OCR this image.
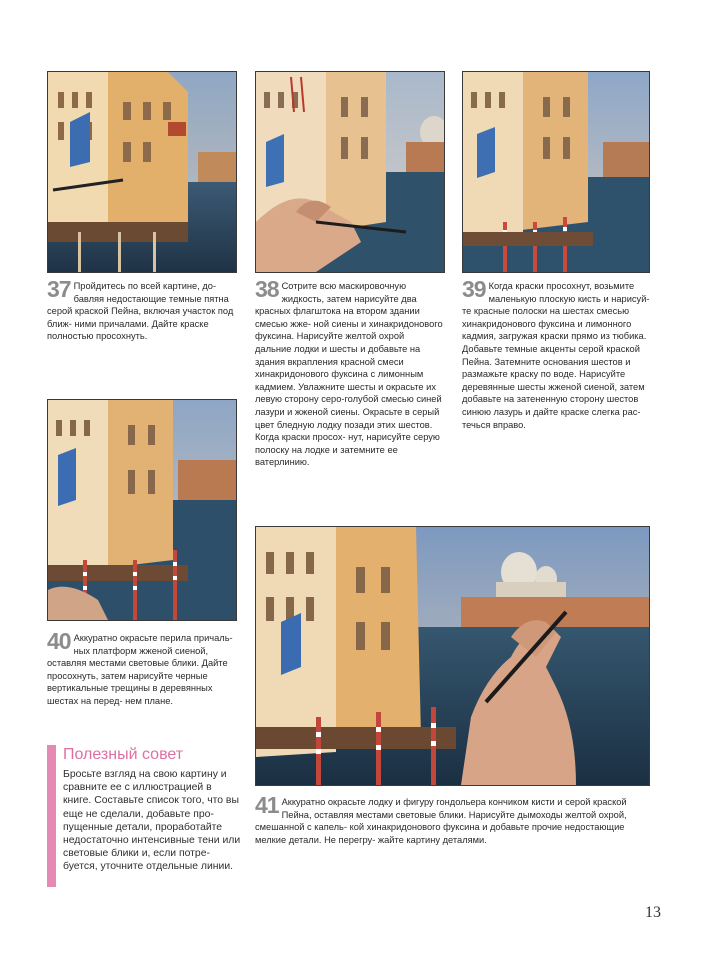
37 Пройдитесь по всей картине, до- бавляя недостающие темные пятна серой краской Пейна, включая участок под ближ- ними причалами. Дайте краске полностью просохнуть.
38 Сотрите всю маскировочную жидкость, затем нарисуйте два красных флагштока на втором здании смесью жже- ной сиены и хинакридонового фуксина. Нарисуйте желтой охрой дальние лодки и шесты и добавьте на здания вкрапления красной смеси хинакридонового фуксина с лимонным кадмием. Увлажните шесты и окрасьте их левую сторону серо-голубой смесью синей лазури и жженой сиены. Окрасьте в серый цвет бледную лодку позади этих шестов. Когда краски просох- нут, нарисуйте серую полоску на лодке и затемните ее ватерлинию.
39 Когда краски просохнут, возьмите маленькую плоскую кисть и нарисуй- те красные полоски на шестах смесью хинакридонового фуксина и лимонного кадмия, загружая краски прямо из тюбика. Добавьте темные акценты серой краской Пейна. Затемните основания шестов и размажьте краску по воде. Нарисуйте деревянные шесты жженой сиеной, затем добавьте на затененную сторону шестов синюю лазурь и дайте краске слегка рас- течься вправо.
40 Аккуратно окрасьте перила причаль- ных платформ жженой сиеной, оставляя местами световые блики. Дайте просохнуть, затем нарисуйте черные вертикальные трещины в деревянных шестах на перед- нем плане.
41 Аккуратно окрасьте лодку и фигуру гондольера кончиком кисти и серой краской Пейна, оставляя местами световые блики. Нарисуйте дымоходы желтой охрой, смешанной с капель- кой хинакридонового фуксина и добавьте прочие недостающие мелкие детали. Не перегру- жайте картину деталями.
Полезный совет
Бросьте взгляд на свою картину и сравните ее с иллюстрацией в книге. Составьте список того, что вы еще не сделали, добавьте про- пущенные детали, проработайте недостаточно интенсивные тени или световые блики и, если потре- буется, уточните отдельные линии.
13
